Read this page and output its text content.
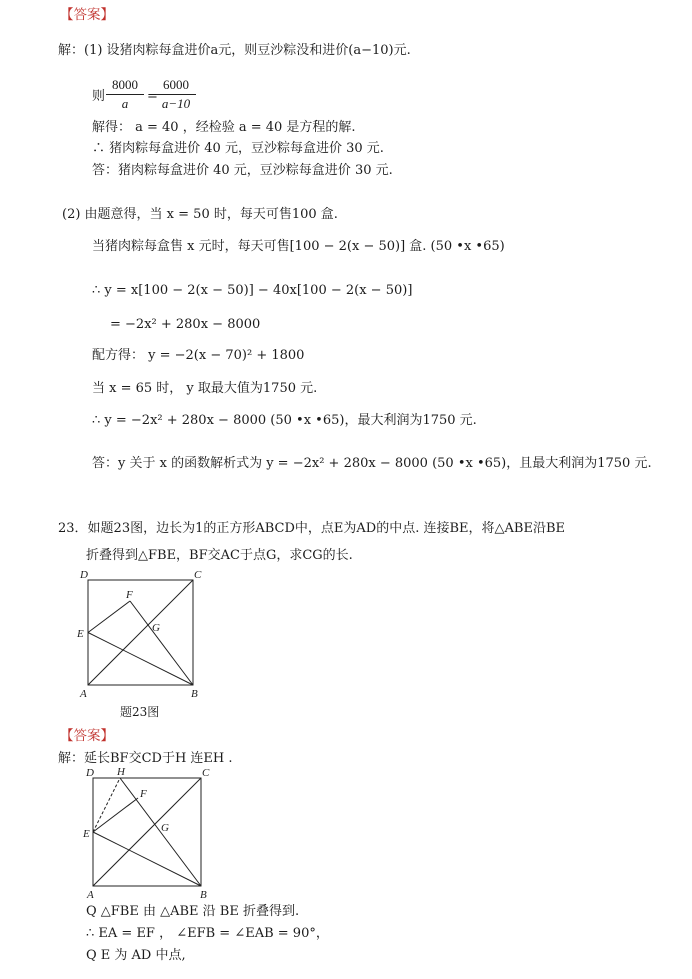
【答案】
解：(1) 设猪肉粽每盒进价a元，则豆沙粽没和进价(a−10)元.
则
8000
a	=
6000
a−10
解得： a = 40 ，经检验 a = 40 是方程的解.
∴ 猪肉粽每盒进价 40 元，豆沙粽每盒进价 30 元.
答：猪肉粽每盒进价 40 元，豆沙粽每盒进价 30 元.
(2) 由题意得，当 x = 50 时，每天可售100 盒.
当猪肉粽每盒售 x 元时，每天可售[100 − 2(x − 50)] 盒. (50 •x •65)
∴ y = x[100 − 2(x − 50)] − 40x[100 − 2(x − 50)]
= −2x² + 280x − 8000
配方得： y = −2(x − 70)² + 1800
当 x = 65 时， y 取最大值为1750 元.
∴ y = −2x² + 280x − 8000 (50 •x •65)，最大利润为1750 元.
答：y 关于 x 的函数解析式为 y = −2x² + 280x − 8000 (50 •x •65)，且最大利润为1750 元.
23．如题23图，边长为1的正方形ABCD中，点E为AD的中点. 连接BE，将△ABE沿BE
折叠得到△FBE，BF交AC于点G，求CG的长.
D	C
F
G
E
A	B
题23图
【答案】
解：延长BF交CD于H 连EH .
D H	C
F
G
E
A	B
Q △FBE 由 △ABE 沿 BE 折叠得到.
∴ EA = EF ， ∠EFB = ∠EAB = 90°，
Q E 为 AD 中点,
